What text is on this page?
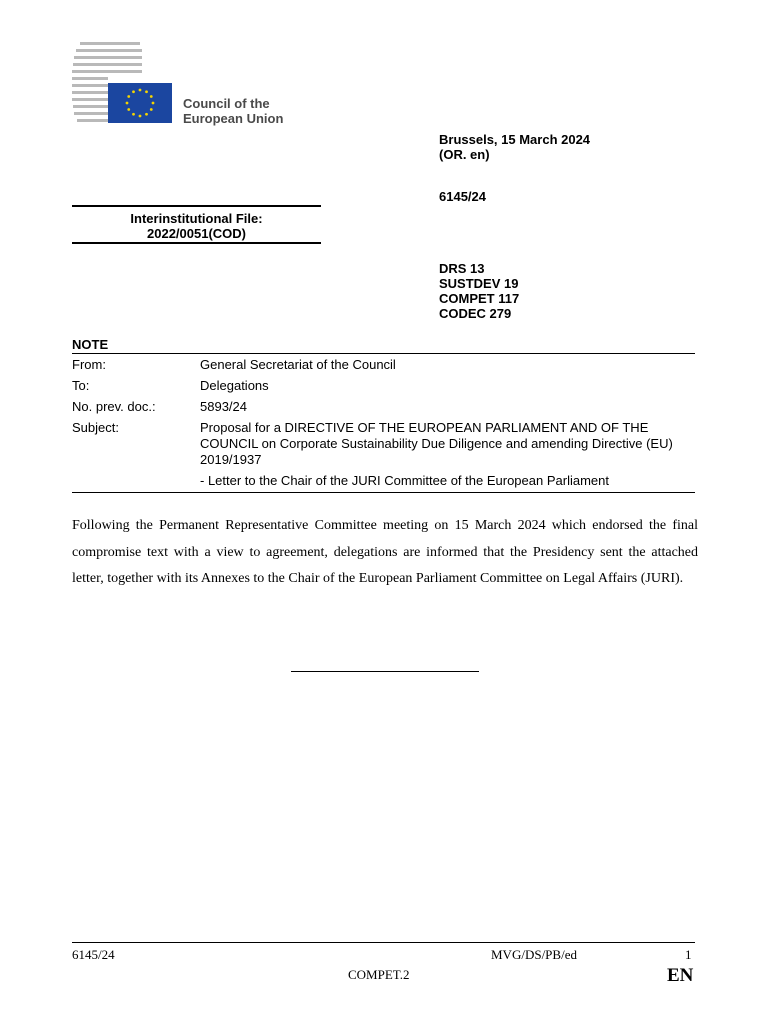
Council of the
European Union
Brussels, 15 March 2024
(OR. en)
6145/24
Interinstitutional File:
2022/0051(COD)
DRS 13
SUSTDEV 19
COMPET 117
CODEC 279
NOTE
From:	General Secretariat of the Council
To:	Delegations
No. prev. doc.:	5893/24
Subject:	Proposal for a DIRECTIVE OF THE EUROPEAN PARLIAMENT AND OF THE COUNCIL on Corporate Sustainability Due Diligence and amending Directive (EU) 2019/1937
- Letter to the Chair of the JURI Committee of the European Parliament
Following the Permanent Representative Committee meeting on 15 March 2024 which endorsed the final compromise text with a view to agreement, delegations are informed that the Presidency sent the attached letter, together with its Annexes to the Chair of the European Parliament Committee on Legal Affairs (JURI).
6145/24	MVG/DS/PB/ed	1
COMPET.2	EN
